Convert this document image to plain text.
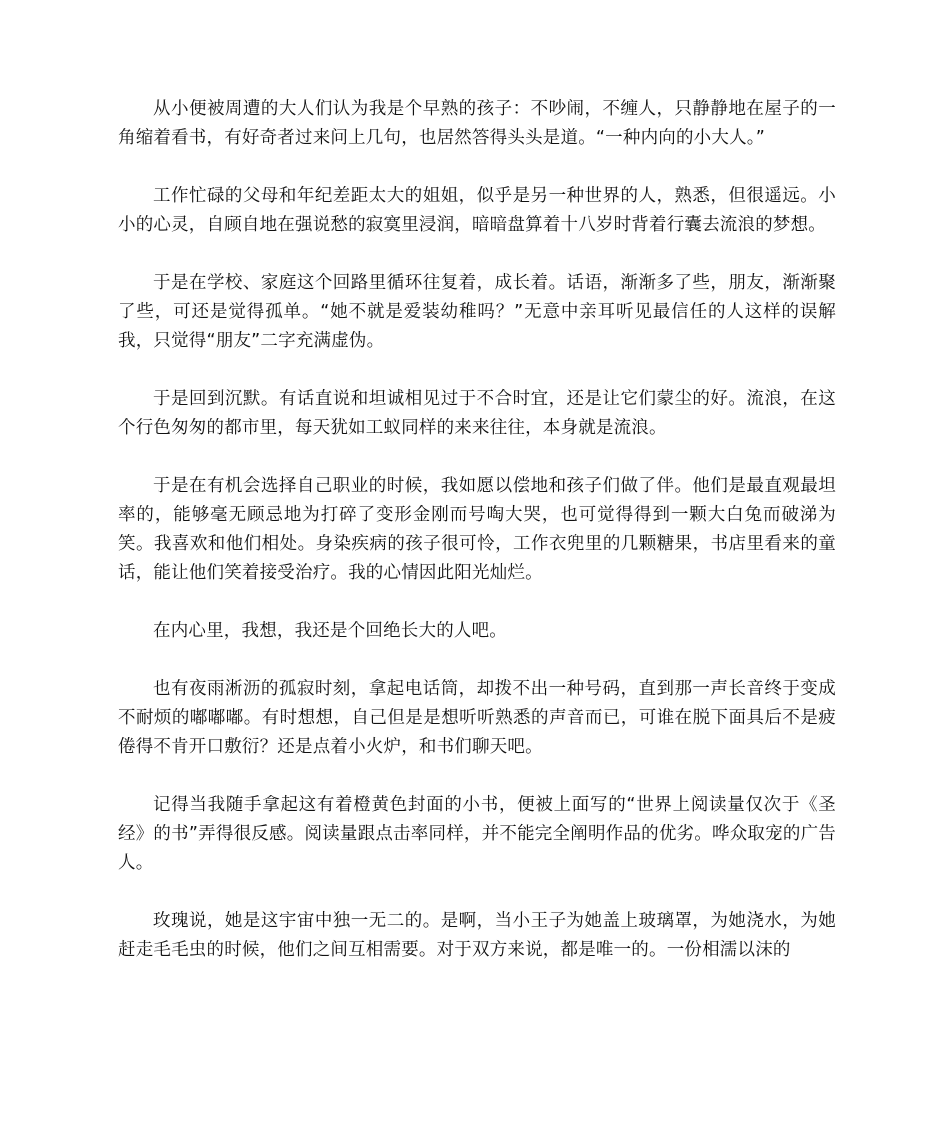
从小便被周遭的大人们认为我是个早熟的孩子：不吵闹，不缠人，只静静地在屋子的一角缩着看书，有好奇者过来问上几句，也居然答得头头是道。“一种内向的小大人。”

工作忙碌的父母和年纪差距太大的姐姐，似乎是另一种世界的人，熟悉，但很遥远。小小的心灵，自顾自地在强说愁的寂寞里浸润，暗暗盘算着十八岁时背着行囊去流浪的梦想。

于是在学校、家庭这个回路里循环往复着，成长着。话语，渐渐多了些，朋友，渐渐聚了些，可还是觉得孤单。“她不就是爱装幼稚吗？”无意中亲耳听见最信任的人这样的误解我，只觉得“朋友”二字充满虚伪。

于是回到沉默。有话直说和坦诚相见过于不合时宜，还是让它们蒙尘的好。流浪，在这个行色匆匆的都市里，每天犹如工蚁同样的来来往往，本身就是流浪。

于是在有机会选择自己职业的时候，我如愿以偿地和孩子们做了伴。他们是最直观最坦率的，能够毫无顾忌地为打碎了变形金刚而号啕大哭，也可觉得得到一颗大白兔而破涕为笑。我喜欢和他们相处。身染疾病的孩子很可怜，工作衣兜里的几颗糖果，书店里看来的童话，能让他们笑着接受治疗。我的心情因此阳光灿烂。

在内心里，我想，我还是个回绝长大的人吧。

也有夜雨淅沥的孤寂时刻，拿起电话筒，却拨不出一种号码，直到那一声长音终于变成不耐烦的嘟嘟嘟。有时想想，自己但是是想听听熟悉的声音而已，可谁在脱下面具后不是疲倦得不肯开口敷衍？还是点着小火炉，和书们聊天吧。

记得当我随手拿起这有着橙黄色封面的小书，便被上面写的“世界上阅读量仅次于《圣经》的书”弄得很反感。阅读量跟点击率同样，并不能完全阐明作品的优劣。哗众取宠的广告人。

玫瑰说，她是这宇宙中独一无二的。是啊，当小王子为她盖上玻璃罩，为她浇水，为她赶走毛毛虫的时候，他们之间互相需要。对于双方来说，都是唯一的。一份相濡以沫的
